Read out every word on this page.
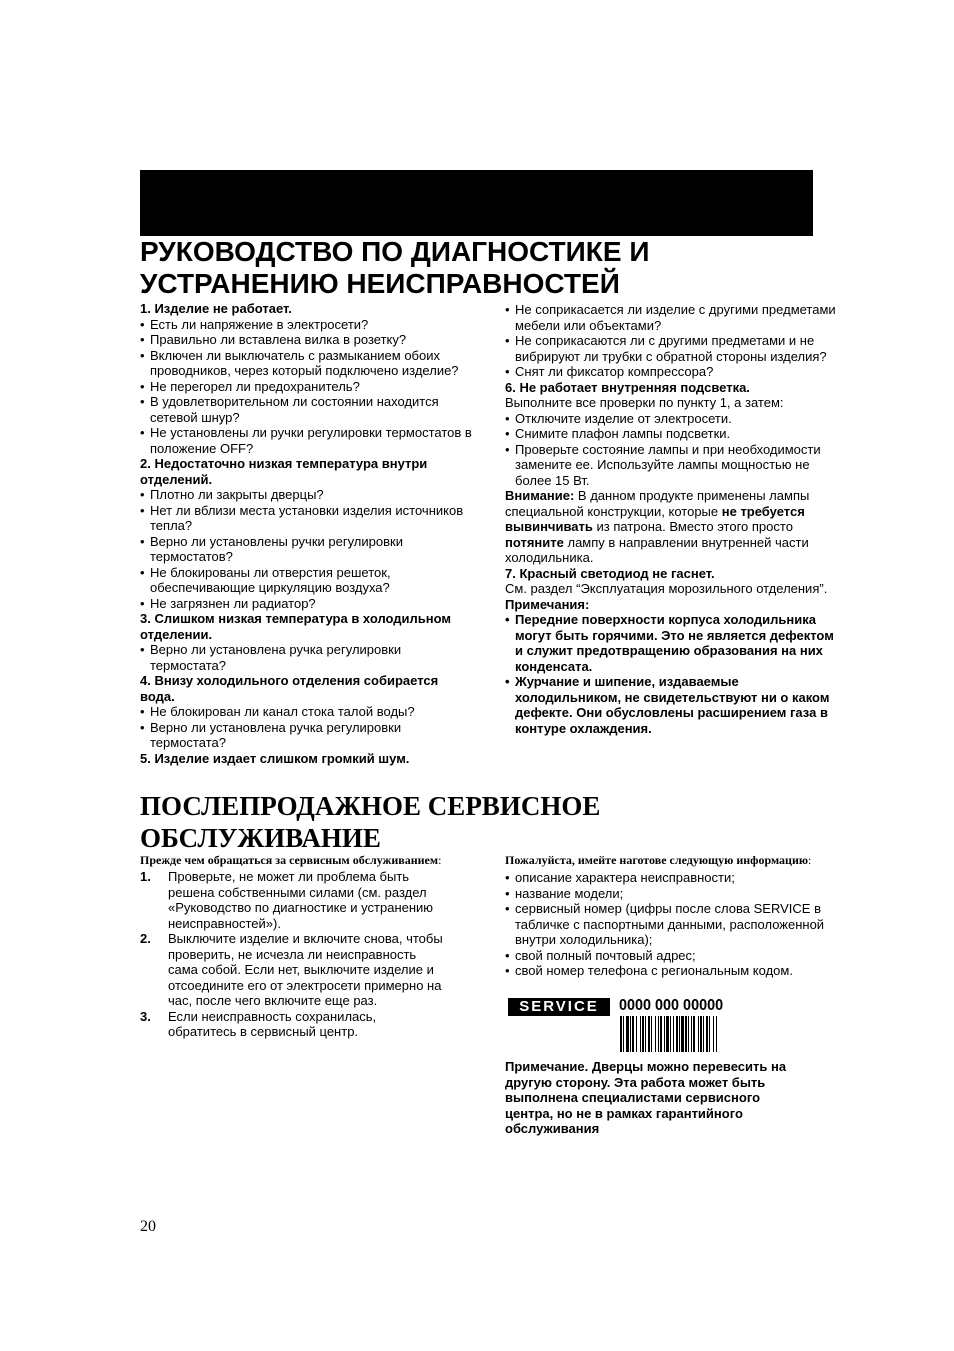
РУКОВОДСТВО ПО ДИАГНОСТИКЕ И
УСТРАНЕНИЮ НЕИСПРАВНОСТЕЙ

1. Изделие не работает.

• Есть ли напряжение в электросети?

• Правильно ли вставлена вилка в розетку?

• Включен ли выключатель с размыканием обоих проводников, через который подключено изделие?

• Не перегорел ли предохранитель?

• В удовлетворительном ли состоянии находится сетевой шнур?

• Не установлены ли ручки регулировки термостатов в положение OFF?

2. Недостаточно низкая температура внутри отделений.

• Плотно ли закрыты дверцы?

• Нет ли вблизи места установки изделия источников тепла?

• Верно ли установлены ручки регулировки термостатов?

• Не блокированы ли отверстия решеток, обеспечивающие циркуляцию воздуха?

• Не загрязнен ли радиатор?

3. Слишком низкая температура в холодильном отделении.

• Верно ли установлена ручка регулировки термостата?

4. Внизу холодильного отделения собирается вода.

• Не блокирован ли канал стока талой воды?

• Верно ли установлена ручка регулировки термостата?

5. Изделие издает слишком громкий шум.

• Не соприкасается ли изделие с другими предметами мебели или объектами?

• Не соприкасаются ли с другими предметами и не вибрируют ли трубки с обратной стороны изделия?

• Снят ли фиксатор компрессора?

6. Не работает внутренняя подсветка.

Выполните все проверки по пункту 1, а затем:

• Отключите изделие от электросети.

• Снимите плафон лампы подсветки.

• Проверьте состояние лампы и при необходимости замените ее. Используйте лампы мощностью не более 15 Вт.

Внимание: В данном продукте применены лампы специальной конструкции, которые не требуется вывинчивать из патрона. Вместо этого просто потяните лампу в направлении внутренней части холодильника.

7. Красный светодиод не гаснет.

См. раздел “Эксплуатация морозильного отделения”.

Примечания:

• Передние поверхности корпуса холодильника могут быть горячими. Это не является дефектом и служит предотвращению образования на них конденсата.

• Журчание и шипение, издаваемые холодильником, не свидетельствуют ни о каком дефекте. Они обусловлены расширением газа в контуре охлаждения.

ПОСЛЕПРОДАЖНОЕ СЕРВИСНОЕ
ОБСЛУЖИВАНИЕ

Прежде чем обращаться за сервисным обслуживанием:

1. Проверьте, не может ли проблема быть решена собственными силами (см. раздел «Руководство по диагностике и устранению неисправностей»).

2. Выключите изделие и включите снова, чтобы проверить, не исчезла ли неисправность сама собой. Если нет, выключите изделие и отсоедините его от электросети примерно на час, после чего включите еще раз.

3. Если неисправность сохранилась, обратитесь в сервисный центр.

Пожалуйста, имейте наготове следующую информацию:

• описание характера неисправности;

• название модели;

• сервисный номер (цифры после слова SERVICE в табличке с паспортными данными, расположенной внутри холодильника);

• свой полный почтовый адрес;

• свой номер телефона с региональным кодом.

SERVICE	0000 000 00000

Примечание. Дверцы можно перевесить на другую сторону. Эта работа может быть выполнена специалистами сервисного центра, но не в рамках гарантийного обслуживания

20
